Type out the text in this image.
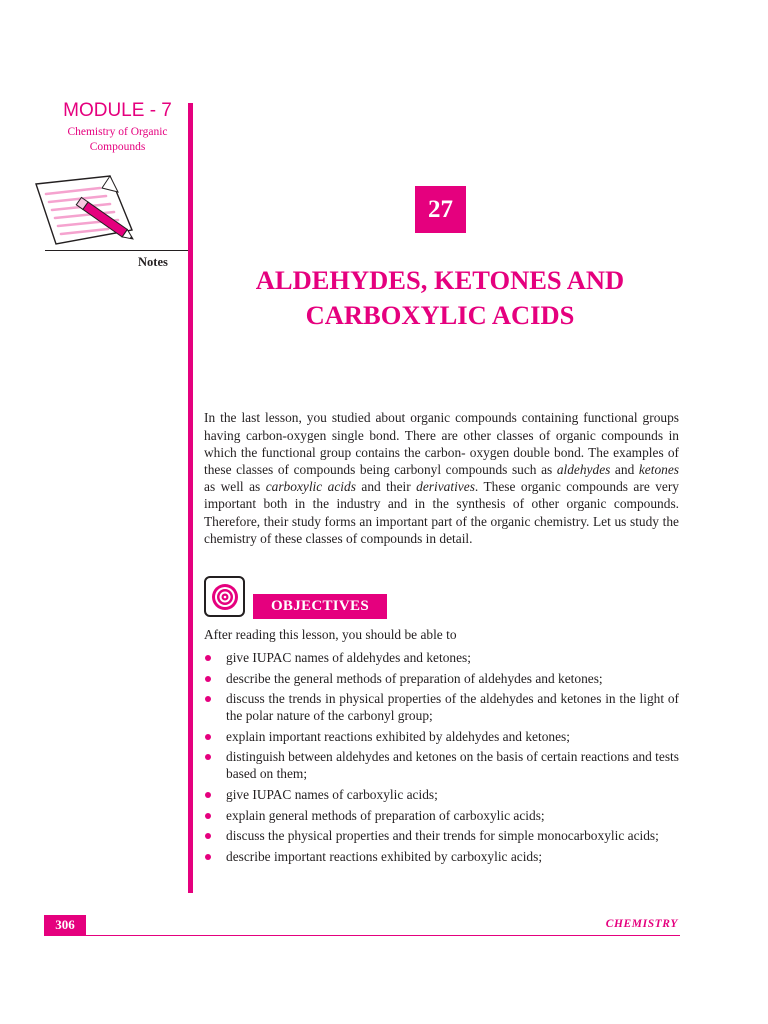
MODULE - 7
Chemistry of Organic
Compounds
Notes
27
ALDEHYDES, KETONES AND
CARBOXYLIC ACIDS

In the last lesson, you studied about organic compounds containing functional groups having carbon-oxygen single bond. There are other classes of organic compounds in which the functional group contains the carbon- oxygen double bond. The examples of these classes of compounds being carbonyl compounds such as aldehydes and ketones as well as carboxylic acids and their derivatives. These organic compounds are very important both in the industry and in the synthesis of other organic compounds. Therefore, their study forms an important part of the organic chemistry. Let us study the chemistry of these classes of compounds in detail.

OBJECTIVES
After reading this lesson, you should be able to
give IUPAC names of aldehydes and ketones;
describe the general methods of preparation of aldehydes and ketones;
discuss the trends in physical properties of the aldehydes and ketones in the light of the polar nature of the carbonyl group;
explain important reactions exhibited by aldehydes and ketones;
distinguish between aldehydes and ketones on the basis of certain reactions and tests based on them;
give IUPAC names of carboxylic acids;
explain general methods of preparation of carboxylic acids;
discuss the physical properties and their trends for simple monocarboxylic acids;
describe important reactions exhibited by carboxylic acids;
306	CHEMISTRY
